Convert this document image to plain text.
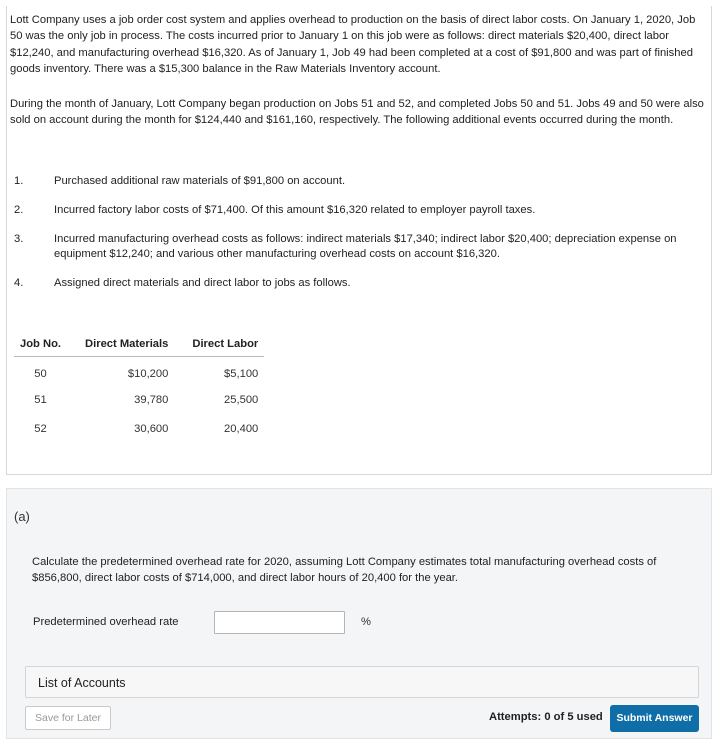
Lott Company uses a job order cost system and applies overhead to production on the basis of direct labor costs. On January 1, 2020, Job 50 was the only job in process. The costs incurred prior to January 1 on this job were as follows: direct materials $20,400, direct labor $12,240, and manufacturing overhead $16,320. As of January 1, Job 49 had been completed at a cost of $91,800 and was part of finished goods inventory. There was a $15,300 balance in the Raw Materials Inventory account.

During the month of January, Lott Company began production on Jobs 51 and 52, and completed Jobs 50 and 51. Jobs 49 and 50 were also sold on account during the month for $124,440 and $161,160, respectively. The following additional events occurred during the month.

1.	Purchased additional raw materials of $91,800 on account.
2.	Incurred factory labor costs of $71,400. Of this amount $16,320 related to employer payroll taxes.
3.	Incurred manufacturing overhead costs as follows: indirect materials $17,340; indirect labor $20,400; depreciation expense on equipment $12,240; and various other manufacturing overhead costs on account $16,320.
4.	Assigned direct materials and direct labor to jobs as follows.
Job No.	Direct Materials	Direct Labor
50	$10,200	$5,100
51	39,780	25,500
52	30,600	20,400
(a)
Calculate the predetermined overhead rate for 2020, assuming Lott Company estimates total manufacturing overhead costs of $856,800, direct labor costs of $714,000, and direct labor hours of 20,400 for the year.
Predetermined overhead rate	%
List of Accounts
Save for Later	Attempts: 0 of 5 used	Submit Answer
